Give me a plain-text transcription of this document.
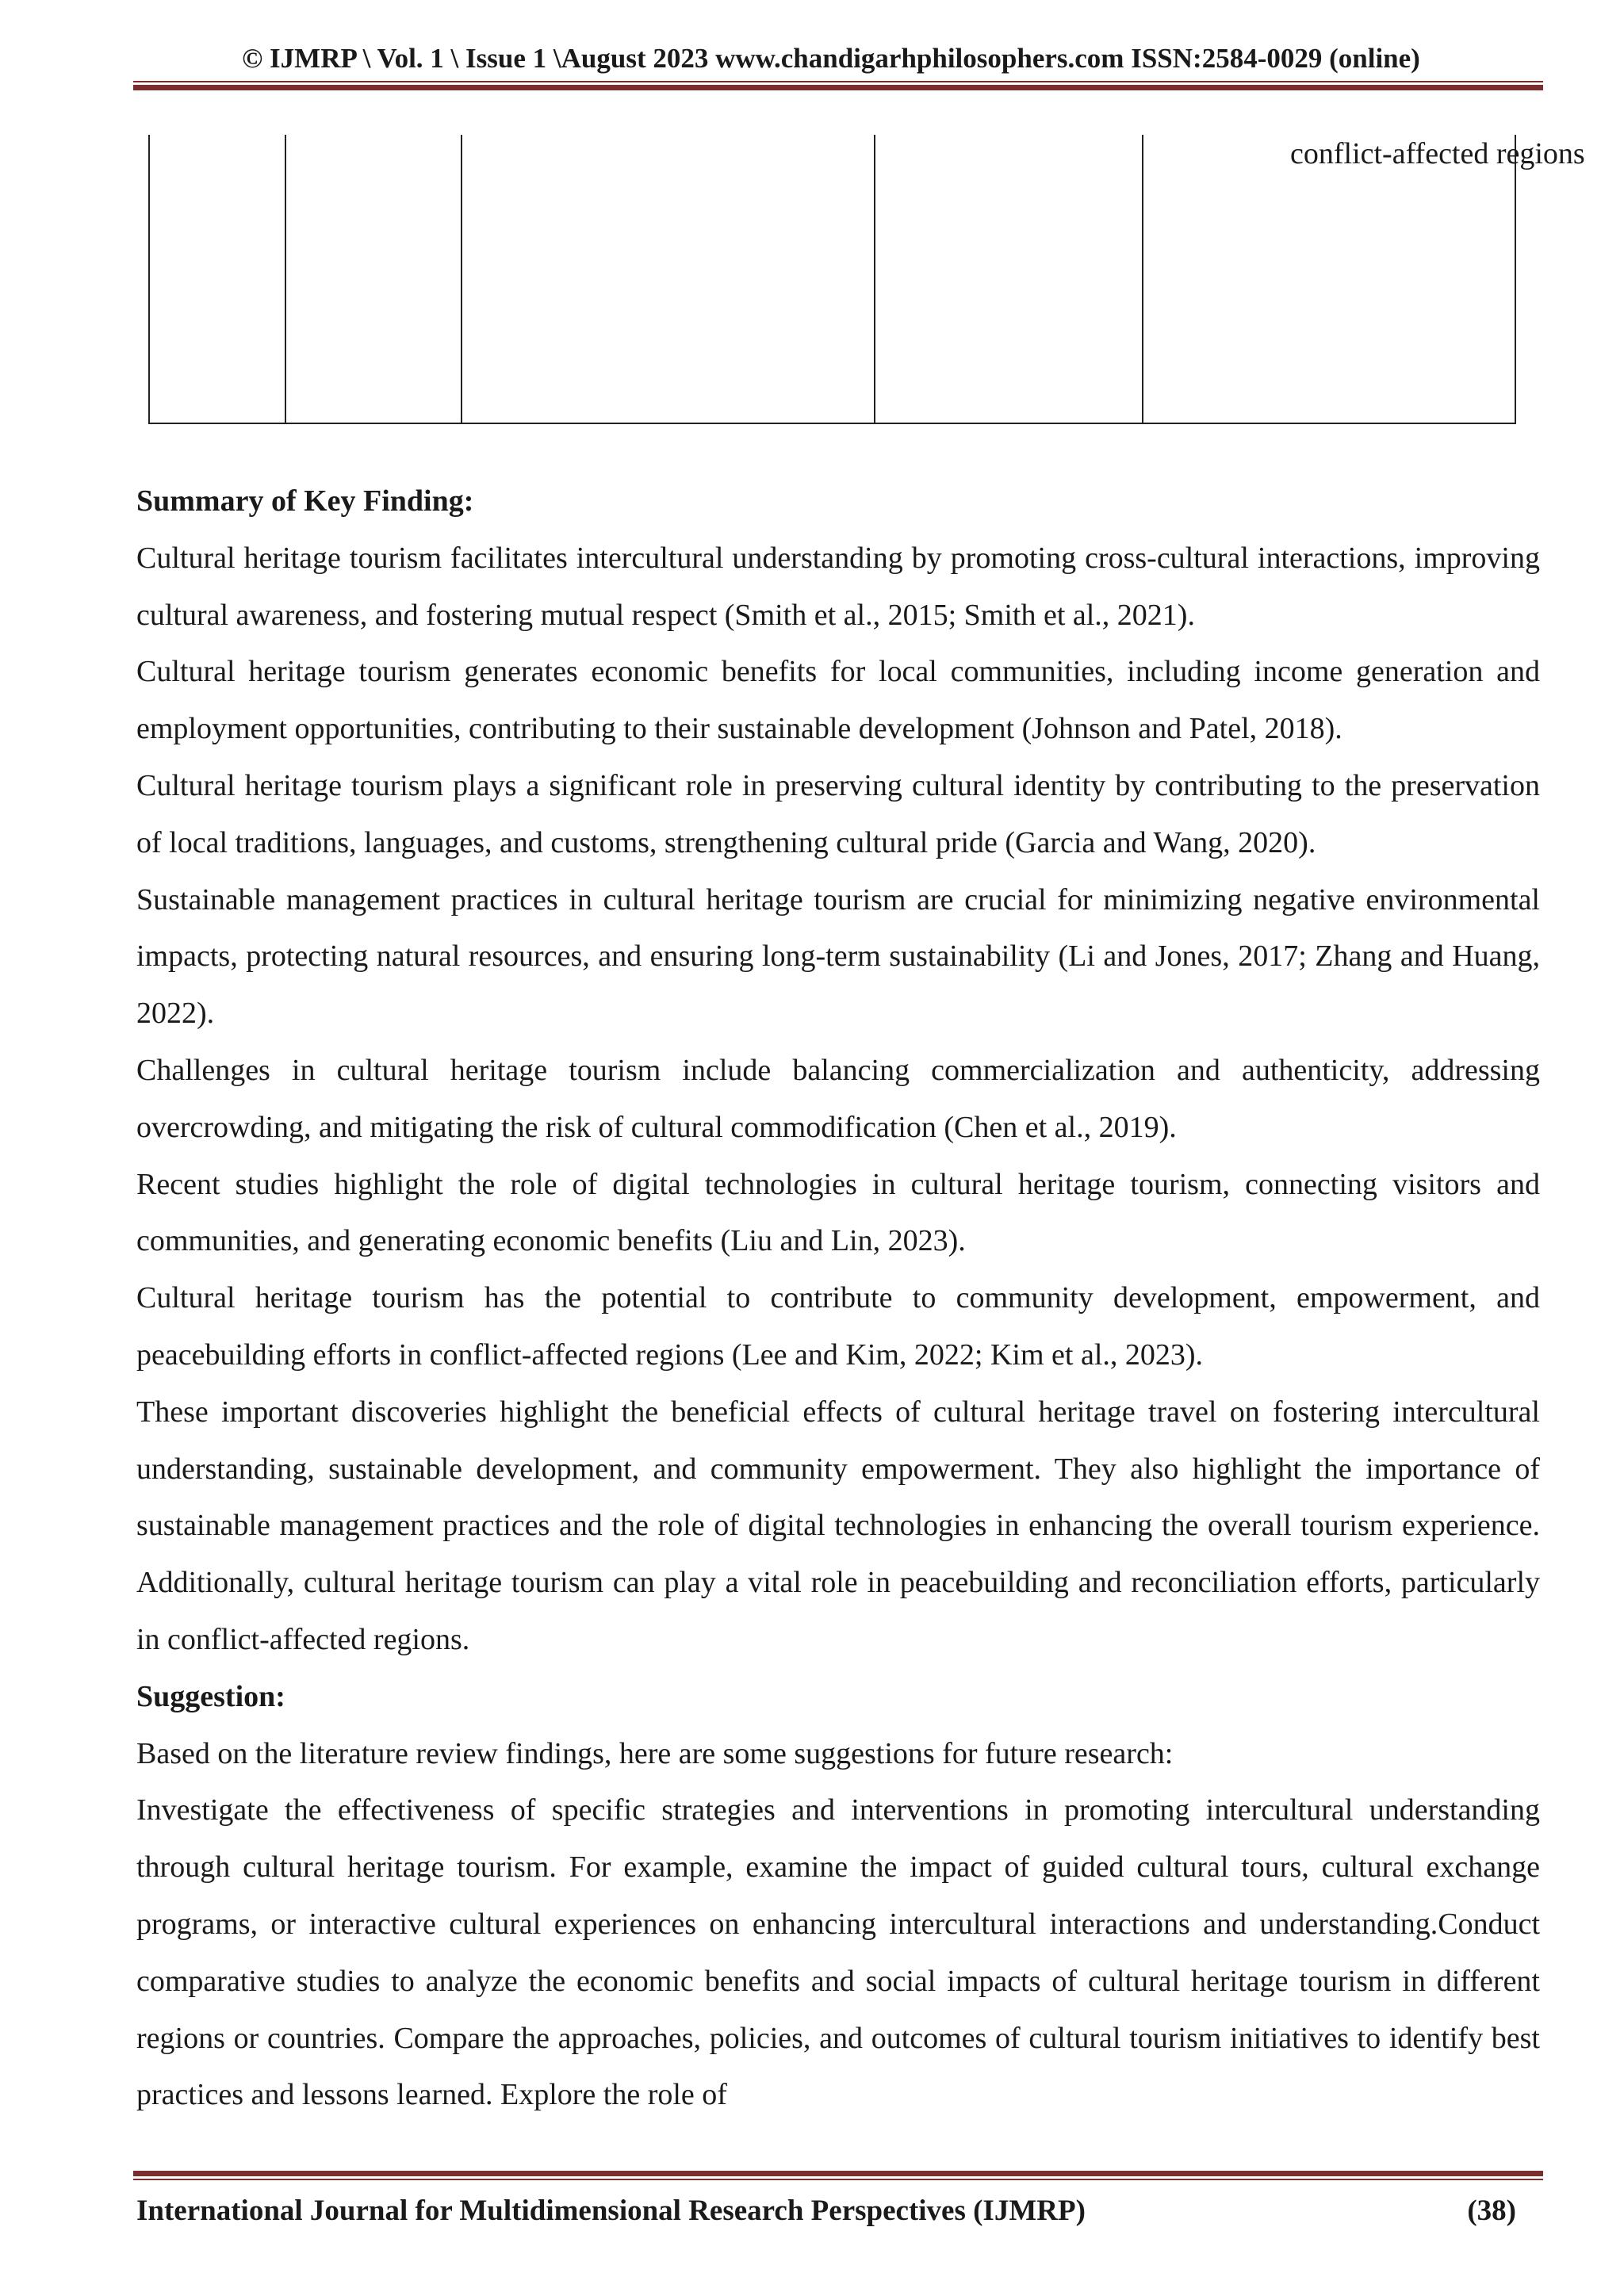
© IJMRP \ Vol. 1 \ Issue 1 \August 2023 www.chandigarhphilosophers.com ISSN:2584-0029 (online)
conflict-affected regions
Summary of Key Finding:

Cultural heritage tourism facilitates intercultural understanding by promoting cross-cultural interactions, improving cultural awareness, and fostering mutual respect (Smith et al., 2015; Smith et al., 2021).

Cultural heritage tourism generates economic benefits for local communities, including income generation and employment opportunities, contributing to their sustainable development (Johnson and Patel, 2018).

Cultural heritage tourism plays a significant role in preserving cultural identity by contributing to the preservation of local traditions, languages, and customs, strengthening cultural pride (Garcia and Wang, 2020).

Sustainable management practices in cultural heritage tourism are crucial for minimizing negative environmental impacts, protecting natural resources, and ensuring long-term sustainability (Li and Jones, 2017; Zhang and Huang, 2022).

Challenges in cultural heritage tourism include balancing commercialization and authenticity, addressing overcrowding, and mitigating the risk of cultural commodification (Chen et al., 2019).

Recent studies highlight the role of digital technologies in cultural heritage tourism, connecting visitors and communities, and generating economic benefits (Liu and Lin, 2023).

Cultural heritage tourism has the potential to contribute to community development, empowerment, and peacebuilding efforts in conflict-affected regions (Lee and Kim, 2022; Kim et al., 2023).

These important discoveries highlight the beneficial effects of cultural heritage travel on fostering intercultural understanding, sustainable development, and community empowerment. They also highlight the importance of sustainable management practices and the role of digital technologies in enhancing the overall tourism experience. Additionally, cultural heritage tourism can play a vital role in peacebuilding and reconciliation efforts, particularly in conflict-affected regions.

Suggestion:

Based on the literature review findings, here are some suggestions for future research:

Investigate the effectiveness of specific strategies and interventions in promoting intercultural understanding through cultural heritage tourism. For example, examine the impact of guided cultural tours, cultural exchange programs, or interactive cultural experiences on enhancing intercultural interactions and understanding.Conduct comparative studies to analyze the economic benefits and social impacts of cultural heritage tourism in different regions or countries. Compare the approaches, policies, and outcomes of cultural tourism initiatives to identify best practices and lessons learned. Explore the role of

International Journal for Multidimensional Research Perspectives (IJMRP)	(38)
